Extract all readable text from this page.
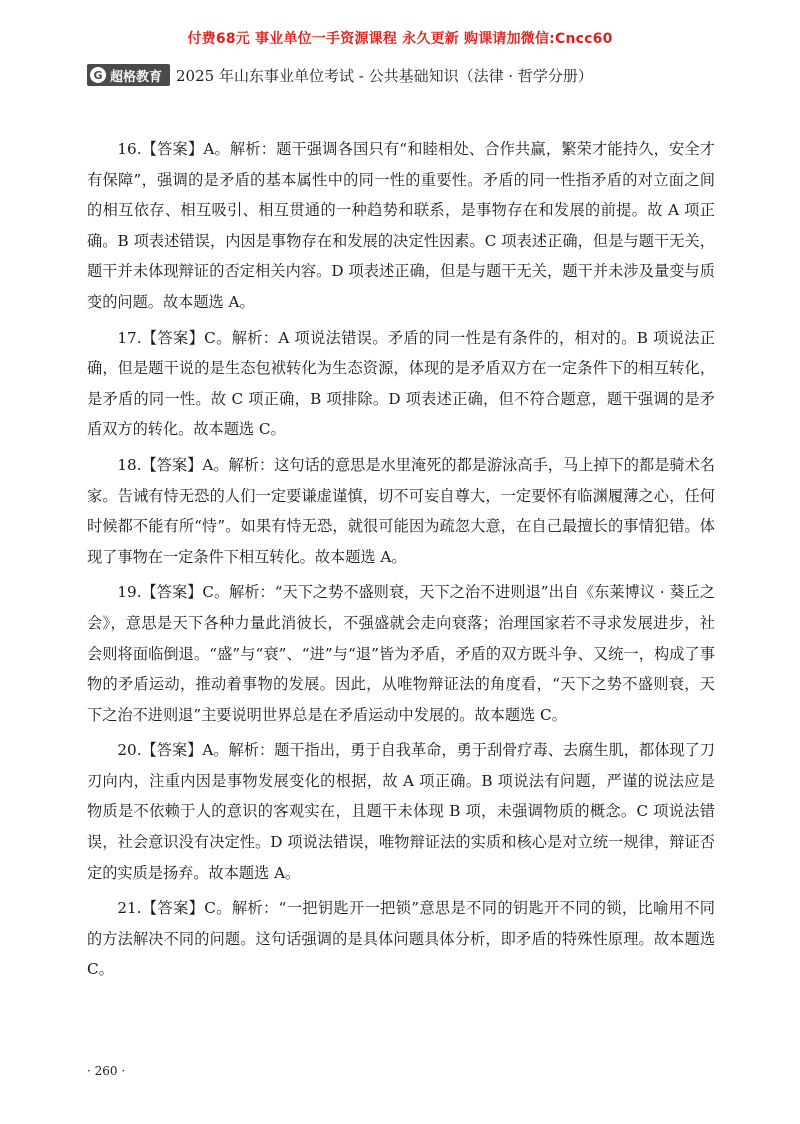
付费68元 事业单位一手资源课程 永久更新 购课请加微信:Cncc60
G 超格教育 2025 年山东事业单位考试 - 公共基础知识（法律 · 哲学分册）

16.【答案】A。解析：题干强调各国只有“和睦相处、合作共赢，繁荣才能持久，安全才有保障”，强调的是矛盾的基本属性中的同一性的重要性。矛盾的同一性指矛盾的对立面之间的相互依存、相互吸引、相互贯通的一种趋势和联系，是事物存在和发展的前提。故 A 项正确。B 项表述错误，内因是事物存在和发展的决定性因素。C 项表述正确，但是与题干无关，题干并未体现辩证的否定相关内容。D 项表述正确，但是与题干无关，题干并未涉及量变与质变的问题。故本题选 A。

17.【答案】C。解析：A 项说法错误。矛盾的同一性是有条件的，相对的。B 项说法正确，但是题干说的是生态包袱转化为生态资源，体现的是矛盾双方在一定条件下的相互转化，是矛盾的同一性。故 C 项正确，B 项排除。D 项表述正确，但不符合题意，题干强调的是矛盾双方的转化。故本题选 C。

18.【答案】A。解析：这句话的意思是水里淹死的都是游泳高手，马上掉下的都是骑术名家。告诫有恃无恐的人们一定要谦虚谨慎，切不可妄自尊大，一定要怀有临渊履薄之心，任何时候都不能有所“恃”。如果有恃无恐，就很可能因为疏忽大意，在自己最擅长的事情犯错。体现了事物在一定条件下相互转化。故本题选 A。

19.【答案】C。解析：“天下之势不盛则衰，天下之治不进则退”出自《东莱博议 · 葵丘之会》，意思是天下各种力量此消彼长，不强盛就会走向衰落；治理国家若不寻求发展进步，社会则将面临倒退。“盛”与“衰”、“进”与“退”皆为矛盾，矛盾的双方既斗争、又统一，构成了事物的矛盾运动，推动着事物的发展。因此，从唯物辩证法的角度看，“天下之势不盛则衰，天下之治不进则退”主要说明世界总是在矛盾运动中发展的。故本题选 C。

20.【答案】A。解析：题干指出，勇于自我革命，勇于刮骨疗毒、去腐生肌，都体现了刀刃向内，注重内因是事物发展变化的根据，故 A 项正确。B 项说法有问题，严谨的说法应是物质是不依赖于人的意识的客观实在，且题干未体现 B 项，未强调物质的概念。C 项说法错误，社会意识没有决定性。D 项说法错误，唯物辩证法的实质和核心是对立统一规律，辩证否定的实质是扬弃。故本题选 A。

21.【答案】C。解析：“一把钥匙开一把锁”意思是不同的钥匙开不同的锁，比喻用不同的方法解决不同的问题。这句话强调的是具体问题具体分析，即矛盾的特殊性原理。故本题选 C。

· 260 ·
